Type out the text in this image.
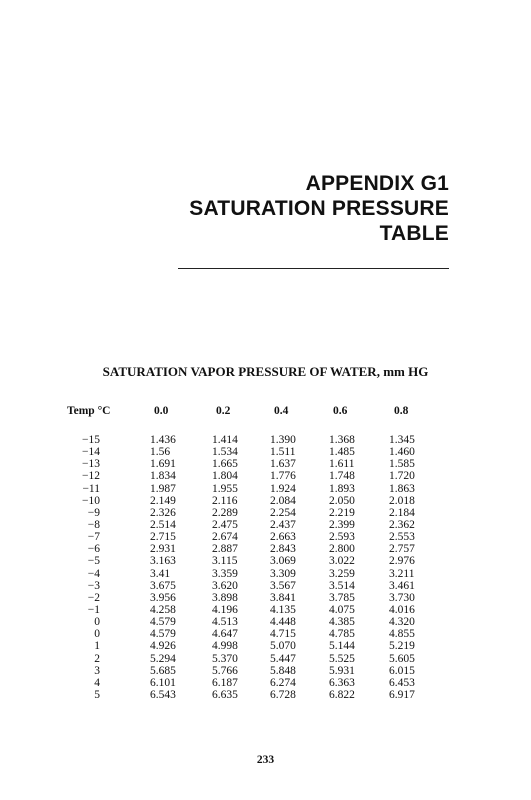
APPENDIX G1
SATURATION PRESSURE
TABLE
SATURATION VAPOR PRESSURE OF WATER, mm HG
Temp °C	0.0	0.2	0.4	0.6	0.8
−15	1.436	1.414	1.390	1.368	1.345
−14	1.56	1.534	1.511	1.485	1.460
−13	1.691	1.665	1.637	1.611	1.585
−12	1.834	1.804	1.776	1.748	1.720
−11	1.987	1.955	1.924	1.893	1.863
−10	2.149	2.116	2.084	2.050	2.018
−9	2.326	2.289	2.254	2.219	2.184
−8	2.514	2.475	2.437	2.399	2.362
−7	2.715	2.674	2.663	2.593	2.553
−6	2.931	2.887	2.843	2.800	2.757
−5	3.163	3.115	3.069	3.022	2.976
−4	3.41	3.359	3.309	3.259	3.211
−3	3.675	3.620	3.567	3.514	3.461
−2	3.956	3.898	3.841	3.785	3.730
−1	4.258	4.196	4.135	4.075	4.016
0	4.579	4.513	4.448	4.385	4.320
0	4.579	4.647	4.715	4.785	4.855
1	4.926	4.998	5.070	5.144	5.219
2	5.294	5.370	5.447	5.525	5.605
3	5.685	5.766	5.848	5.931	6.015
4	6.101	6.187	6.274	6.363	6.453
5	6.543	6.635	6.728	6.822	6.917
233
